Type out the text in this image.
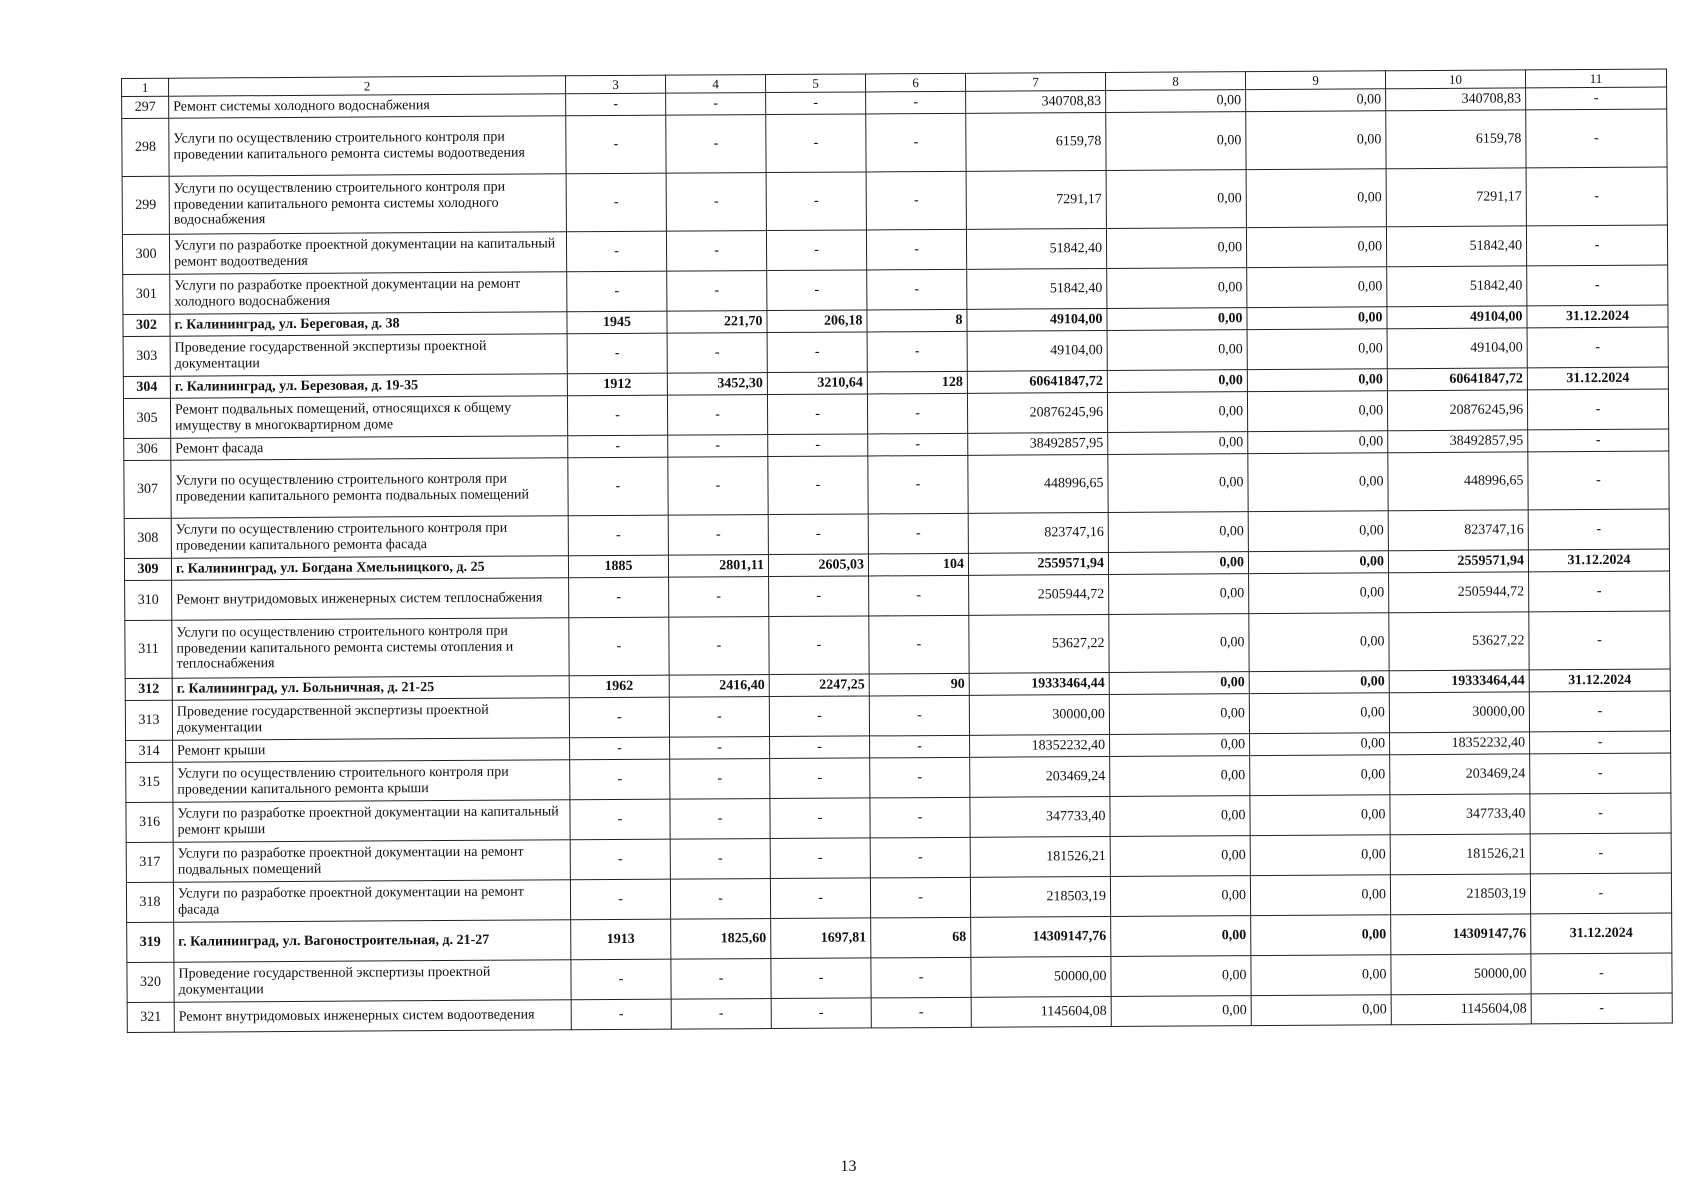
1	2	3	4	5	6	7	8	9	10	11
297	Ремонт системы холодного водоснабжения	-	-	-	-	340708,83	0,00	0,00	340708,83	-
298	Услуги по осуществлению строительного контроля при проведении капитального ремонта системы водоотведения	-	-	-	-	6159,78	0,00	0,00	6159,78	-
299	Услуги по осуществлению строительного контроля при проведении капитального ремонта системы холодного водоснабжения	-	-	-	-	7291,17	0,00	0,00	7291,17	-
300	Услуги по разработке проектной документации на капитальный ремонт водоотведения	-	-	-	-	51842,40	0,00	0,00	51842,40	-
301	Услуги по разработке проектной документации на ремонт холодного водоснабжения	-	-	-	-	51842,40	0,00	0,00	51842,40	-
302	г. Калининград, ул. Береговая, д. 38	1945	221,70	206,18	8	49104,00	0,00	0,00	49104,00	31.12.2024
303	Проведение государственной экспертизы проектной документации	-	-	-	-	49104,00	0,00	0,00	49104,00	-
304	г. Калининград, ул. Березовая, д. 19-35	1912	3452,30	3210,64	128	60641847,72	0,00	0,00	60641847,72	31.12.2024
305	Ремонт подвальных помещений, относящихся к общему имуществу в многоквартирном доме	-	-	-	-	20876245,96	0,00	0,00	20876245,96	-
306	Ремонт фасада	-	-	-	-	38492857,95	0,00	0,00	38492857,95	-
307	Услуги по осуществлению строительного контроля при проведении капитального ремонта подвальных помещений	-	-	-	-	448996,65	0,00	0,00	448996,65	-
308	Услуги по осуществлению строительного контроля при проведении капитального ремонта фасада	-	-	-	-	823747,16	0,00	0,00	823747,16	-
309	г. Калининград, ул. Богдана Хмельницкого, д. 25	1885	2801,11	2605,03	104	2559571,94	0,00	0,00	2559571,94	31.12.2024
310	Ремонт внутридомовых инженерных систем теплоснабжения	-	-	-	-	2505944,72	0,00	0,00	2505944,72	-
311	Услуги по осуществлению строительного контроля при проведении капитального ремонта системы отопления и теплоснабжения	-	-	-	-	53627,22	0,00	0,00	53627,22	-
312	г. Калининград, ул. Больничная, д. 21-25	1962	2416,40	2247,25	90	19333464,44	0,00	0,00	19333464,44	31.12.2024
313	Проведение государственной экспертизы проектной документации	-	-	-	-	30000,00	0,00	0,00	30000,00	-
314	Ремонт крыши	-	-	-	-	18352232,40	0,00	0,00	18352232,40	-
315	Услуги по осуществлению строительного контроля при проведении капитального ремонта крыши	-	-	-	-	203469,24	0,00	0,00	203469,24	-
316	Услуги по разработке проектной документации на капитальный ремонт крыши	-	-	-	-	347733,40	0,00	0,00	347733,40	-
317	Услуги по разработке проектной документации на ремонт подвальных помещений	-	-	-	-	181526,21	0,00	0,00	181526,21	-
318	Услуги по разработке проектной документации на ремонт фасада	-	-	-	-	218503,19	0,00	0,00	218503,19	-
319	г. Калининград, ул. Вагоностроительная, д. 21-27	1913	1825,60	1697,81	68	14309147,76	0,00	0,00	14309147,76	31.12.2024
320	Проведение государственной экспертизы проектной документации	-	-	-	-	50000,00	0,00	0,00	50000,00	-
321	Ремонт внутридомовых инженерных систем водоотведения	-	-	-	-	1145604,08	0,00	0,00	1145604,08	-
13
